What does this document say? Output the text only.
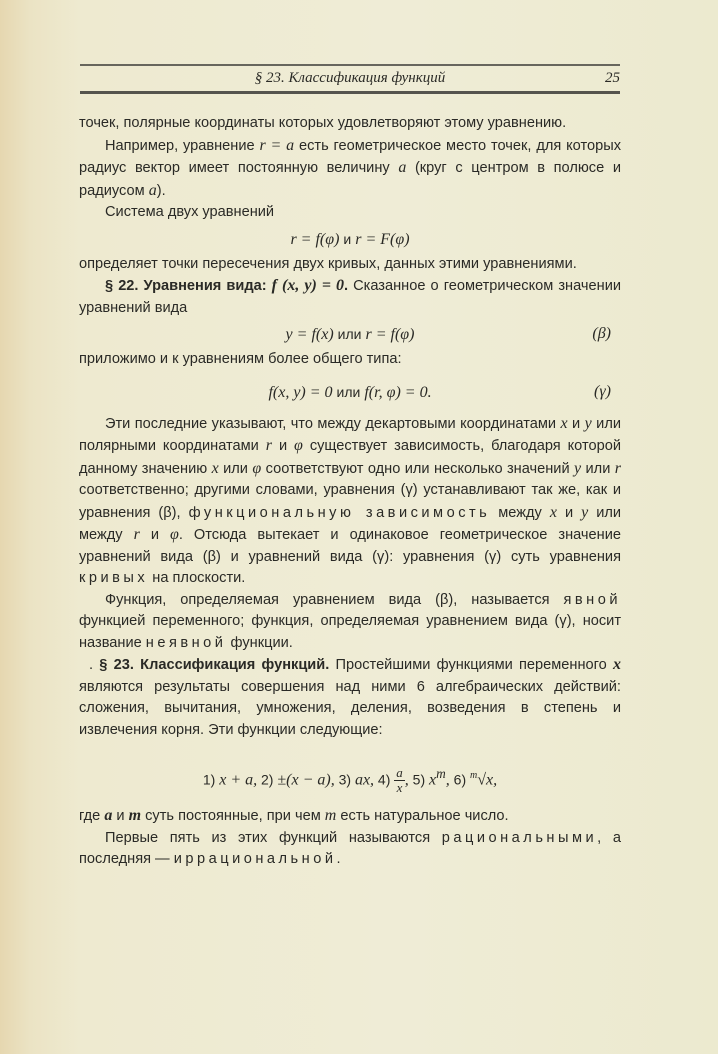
§ 23. Классификация функций	25

точек, полярные координаты которых удовлетворяют этому уравнению.

Например, уравнение r = a есть геометрическое место точек, для которых радиус вектор имеет постоянную величину a (круг с центром в полюсе и радиусом a).

Система двух уравнений

r = f(φ) и r = F(φ)

определяет точки пересечения двух кривых, данных этими уравнениями.

§ 22. Уравнения вида: f (x, y) = 0. Сказанное о геометрическом значении уравнений вида

y = f(x) или r = f(φ)	(β)

приложимо и к уравнениям более общего типа:

f(x, y) = 0 или f(r, φ) = 0.	(γ)

Эти последние указывают, что между декартовыми координатами x и y или полярными координатами r и φ существует зависимость, благодаря которой данному значению x или φ соответствуют одно или несколько значений y или r соответственно; другими словами, уравнения (γ) устанавливают так же, как и уравнения (β), функциональную зависимость между x и y или между r и φ. Отсюда вытекает и одинаковое геометрическое значение уравнений вида (β) и уравнений вида (γ): уравнения (γ) суть уравнения кривых на плоскости.

Функция, определяемая уравнением вида (β), называется явной функцией переменного; функция, определяемая уравнением вида (γ), носит название неявной функции.

. § 23. Классификация функций. Простейшими функциями переменного x являются результаты совершения над ними 6 алгебраических действий: сложения, вычитания, умножения, деления, возведения в степень и извлечения корня. Эти функции следующие:

1) x + a, 2) ±(x − a), 3) ax, $4) \frac{a}{x}$ , 5) $x^m$, 6) $^m$√x,

где a и m суть постоянные, при чем m есть натуральное число.

Первые пять из этих функций называются рациональными, а последняя — иррациональной.
